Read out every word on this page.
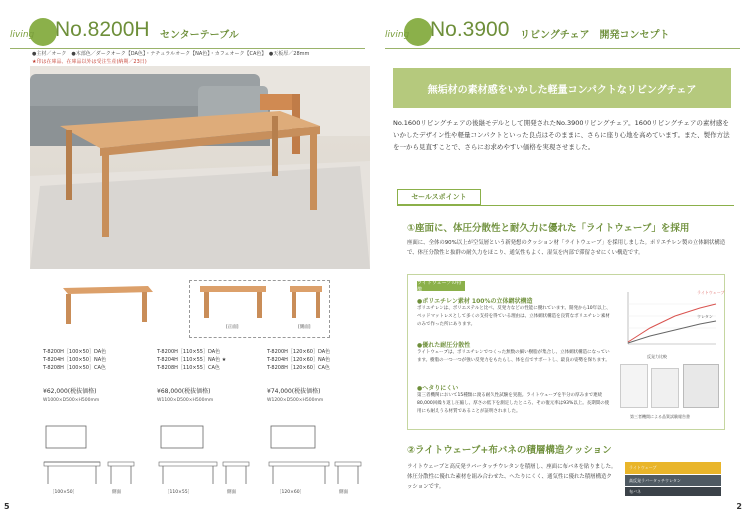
living No.8200H センターテーブル
●主材／オーク　●木部色／ダークオーク【DA色】・ナチュラルオーク【NA色】・カフェオーク【CA色】　●天板厚／28mm
★印は在庫品、在庫品以外は受注生産(納期／23日)
[正面]	[側面]
T-8200H［100×50］DA色
T-8204H［100×50］NA色
T-8208H［100×50］CA色
T-8200H［110×55］DA色
T-8204H［110×55］NA色 ★
T-8208H［110×55］CA色
T-8200H［120×60］DA色
T-8204H［120×60］NA色
T-8208H［120×60］CA色
¥62,000(税抜価格)	¥68,000(税抜価格)	¥74,000(税抜価格)
W1000×D500×H500mm	W1100×D500×H500mm	W1200×D500×H500mm
［100×50］	側面	［110×55］	側面	［120×60］	側面
5
living No.3900 リビングチェア　開発コンセプト
無垢材の素材感をいかした軽量コンパクトなリビングチェア
No.1600リビングチェアの後継モデルとして開発されたNo.3900リビングチェア。1600リビングチェアの素材感をいかしたデザイン性や軽量コンパクトといった良点はそのままに、さらに座り心地を高めています。また、製作方法を一から見直すことで、さらにお求めやすい価格を実現させました。
セールスポイント
①座面に、体圧分散性と耐久力に優れた「ライトウェーブ」を採用
座面に、全体の90%以上が空気層という新発想のクッション材「ライトウェーブ」を採用しました。ポリエチレン製の立体網状構造で、体圧分散性と抜群の耐久力をほこり、通気性もよく、湿気を内部で滞留させにくい構造です。
ライトウェーブの特徴
●ポリエチレン素材 100%の立体網状構造
ポリエチレンは、ポリエステルと比べ、反発力などの性能に優れています。開発から10年以上、ベッドマットレスとして多くの支持を得ている理由は、立体網状構造を良質なポリエチレン素材のみで作った所にあります。
●優れた耐圧分散性
ライトウェーブは、ポリエチレンでつくった無数の細い樹脂が集合し、立体網状構造になっています。樹脂の一つ一つが強い反発力をもたらし、体を点でサポートし、最良の姿勢を保ちます。
●へタりにくい
第三者機関において15種類に渡る耐久性試験を実施。ライトウェーブを半分の厚みまで連続80,000回繰り返し圧縮し、厚さの低下を測定したところ、その復元率は93%以上。長期間の使用にも耐えうる材質であることが証明されました。
反発力比較
ライトウェーブ
ウレタン
第三者機関による品質試験報告書
②ライトウェーブ+布バネの積層構造クッション
ライトウェーブと高反発ラバータッチウレタンを積層し、座面に布バネを貼りました。体圧分散性に優れた素材を組み合わせた、へたりにくく、通気性に優れた積層構造クッションです。
ライトウェーブ
高反発ラバータッチウレタン
布バネ
2
